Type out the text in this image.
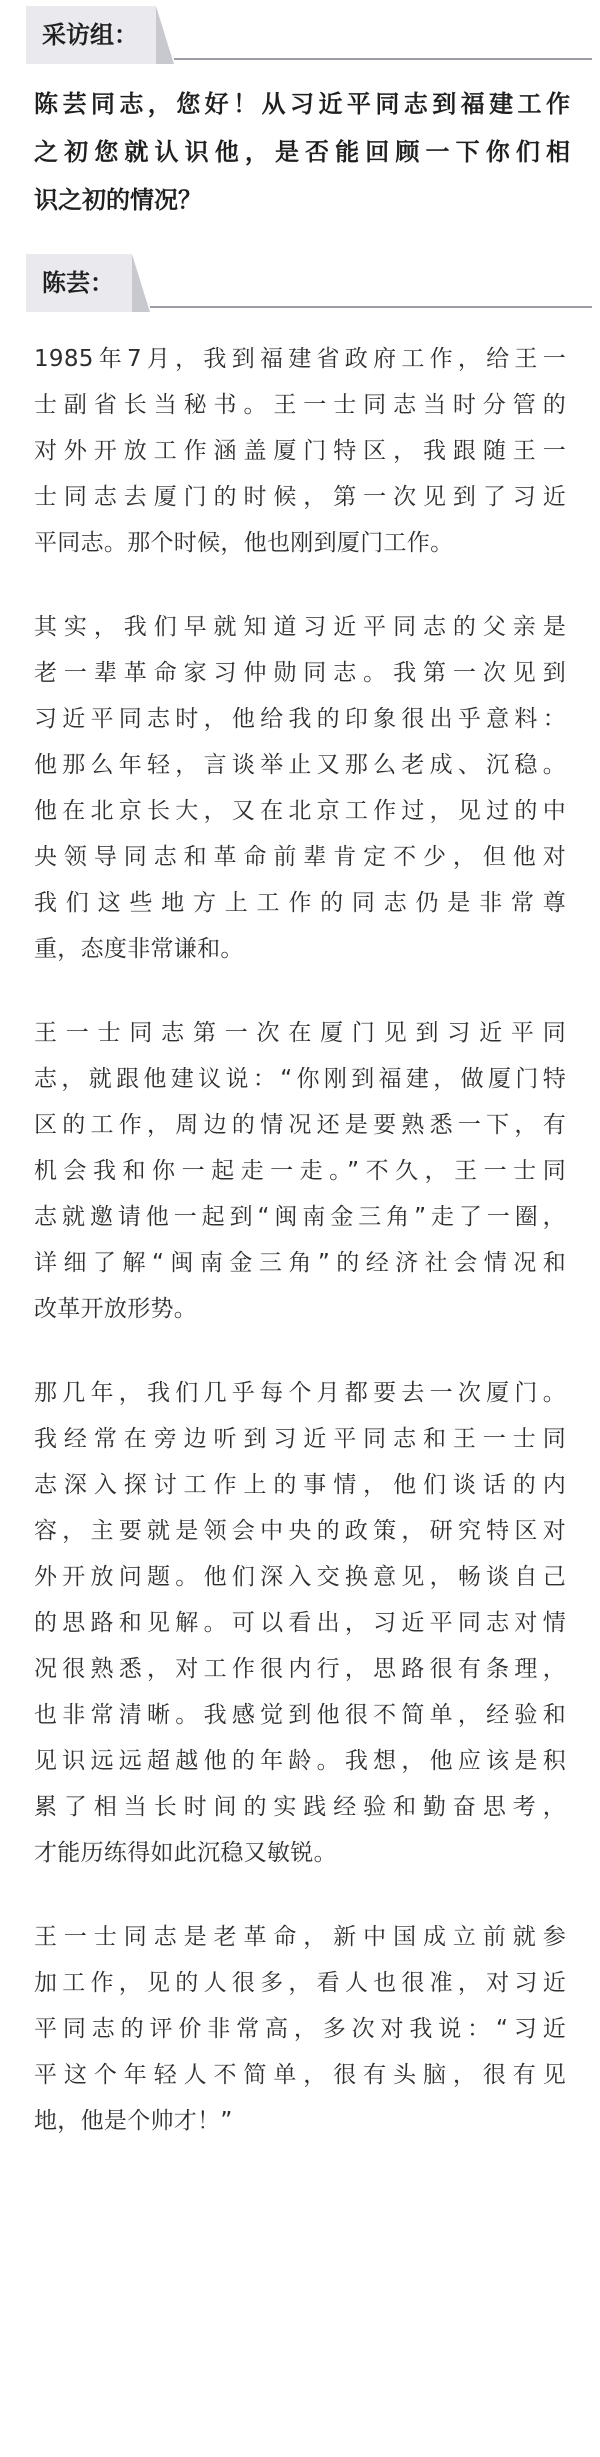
采访组：

陈芸同志，您好！从习近平同志到福建工作
之初您就认识他，是否能回顾一下你们相
识之初的情况？

陈芸：

1985年7月，我到福建省政府工作，给王一
士副省长当秘书。王一士同志当时分管的
对外开放工作涵盖厦门特区，我跟随王一
士同志去厦门的时候，第一次见到了习近
平同志。那个时候，他也刚到厦门工作。

其实，我们早就知道习近平同志的父亲是
老一辈革命家习仲勋同志。我第一次见到
习近平同志时，他给我的印象很出乎意料：
他那么年轻，言谈举止又那么老成、沉稳。
他在北京长大，又在北京工作过，见过的中
央领导同志和革命前辈肯定不少，但他对
我们这些地方上工作的同志仍是非常尊
重，态度非常谦和。

王一士同志第一次在厦门见到习近平同
志，就跟他建议说：“你刚到福建，做厦门特
区的工作，周边的情况还是要熟悉一下，有
机会我和你一起走一走。”不久，王一士同
志就邀请他一起到“闽南金三角”走了一圈，
详细了解“闽南金三角”的经济社会情况和
改革开放形势。

那几年，我们几乎每个月都要去一次厦门。
我经常在旁边听到习近平同志和王一士同
志深入探讨工作上的事情，他们谈话的内
容，主要就是领会中央的政策，研究特区对
外开放问题。他们深入交换意见，畅谈自己
的思路和见解。可以看出，习近平同志对情
况很熟悉，对工作很内行，思路很有条理，
也非常清晰。我感觉到他很不简单，经验和
见识远远超越他的年龄。我想，他应该是积
累了相当长时间的实践经验和勤奋思考，
才能历练得如此沉稳又敏锐。

王一士同志是老革命，新中国成立前就参
加工作，见的人很多，看人也很准，对习近
平同志的评价非常高，多次对我说：“习近
平这个年轻人不简单，很有头脑，很有见
地，他是个帅才！”
